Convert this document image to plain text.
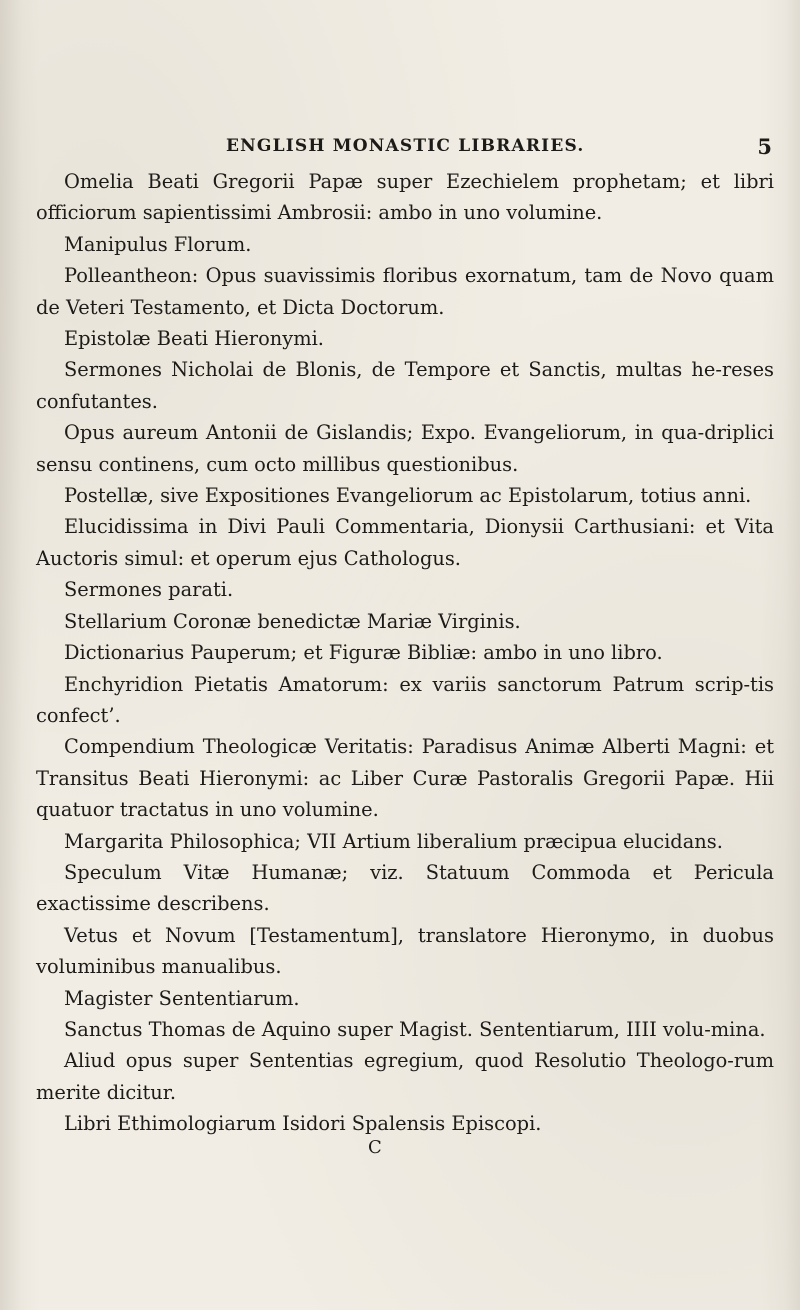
ENGLISH MONASTIC LIBRARIES.	5

Omelia Beati Gregorii Papæ super Ezechielem prophetam; et libri officiorum sapientissimi Ambrosii: ambo in uno volumine.

Manipulus Florum.

Polleantheon: Opus suavissimis floribus exornatum, tam de Novo quam de Veteri Testamento, et Dicta Doctorum.

Epistolæ Beati Hieronymi.

Sermones Nicholai de Blonis, de Tempore et Sanctis, multas he-reses confutantes.

Opus aureum Antonii de Gislandis; Expo. Evangeliorum, in qua-driplici sensu continens, cum octo millibus questionibus.

Postellæ, sive Expositiones Evangeliorum ac Epistolarum, totius anni.

Elucidissima in Divi Pauli Commentaria, Dionysii Carthusiani: et Vita Auctoris simul: et operum ejus Cathologus.

Sermones parati.

Stellarium Coronæ benedictæ Mariæ Virginis.

Dictionarius Pauperum; et Figuræ Bibliæ: ambo in uno libro.

Enchyridion Pietatis Amatorum: ex variis sanctorum Patrum scrip-tis confect’.

Compendium Theologicæ Veritatis: Paradisus Animæ Alberti Magni: et Transitus Beati Hieronymi: ac Liber Curæ Pastoralis Gregorii Papæ. Hii quatuor tractatus in uno volumine.

Margarita Philosophica; VII Artium liberalium præcipua elucidans.

Speculum Vitæ Humanæ; viz. Statuum Commoda et Pericula exactissime describens.

Vetus et Novum [Testamentum], translatore Hieronymo, in duobus voluminibus manualibus.

Magister Sententiarum.

Sanctus Thomas de Aquino super Magist. Sententiarum, IIII volu-mina.

Aliud opus super Sententias egregium, quod Resolutio Theologo-rum merite dicitur.

Libri Ethimologiarum Isidori Spalensis Episcopi.

C
